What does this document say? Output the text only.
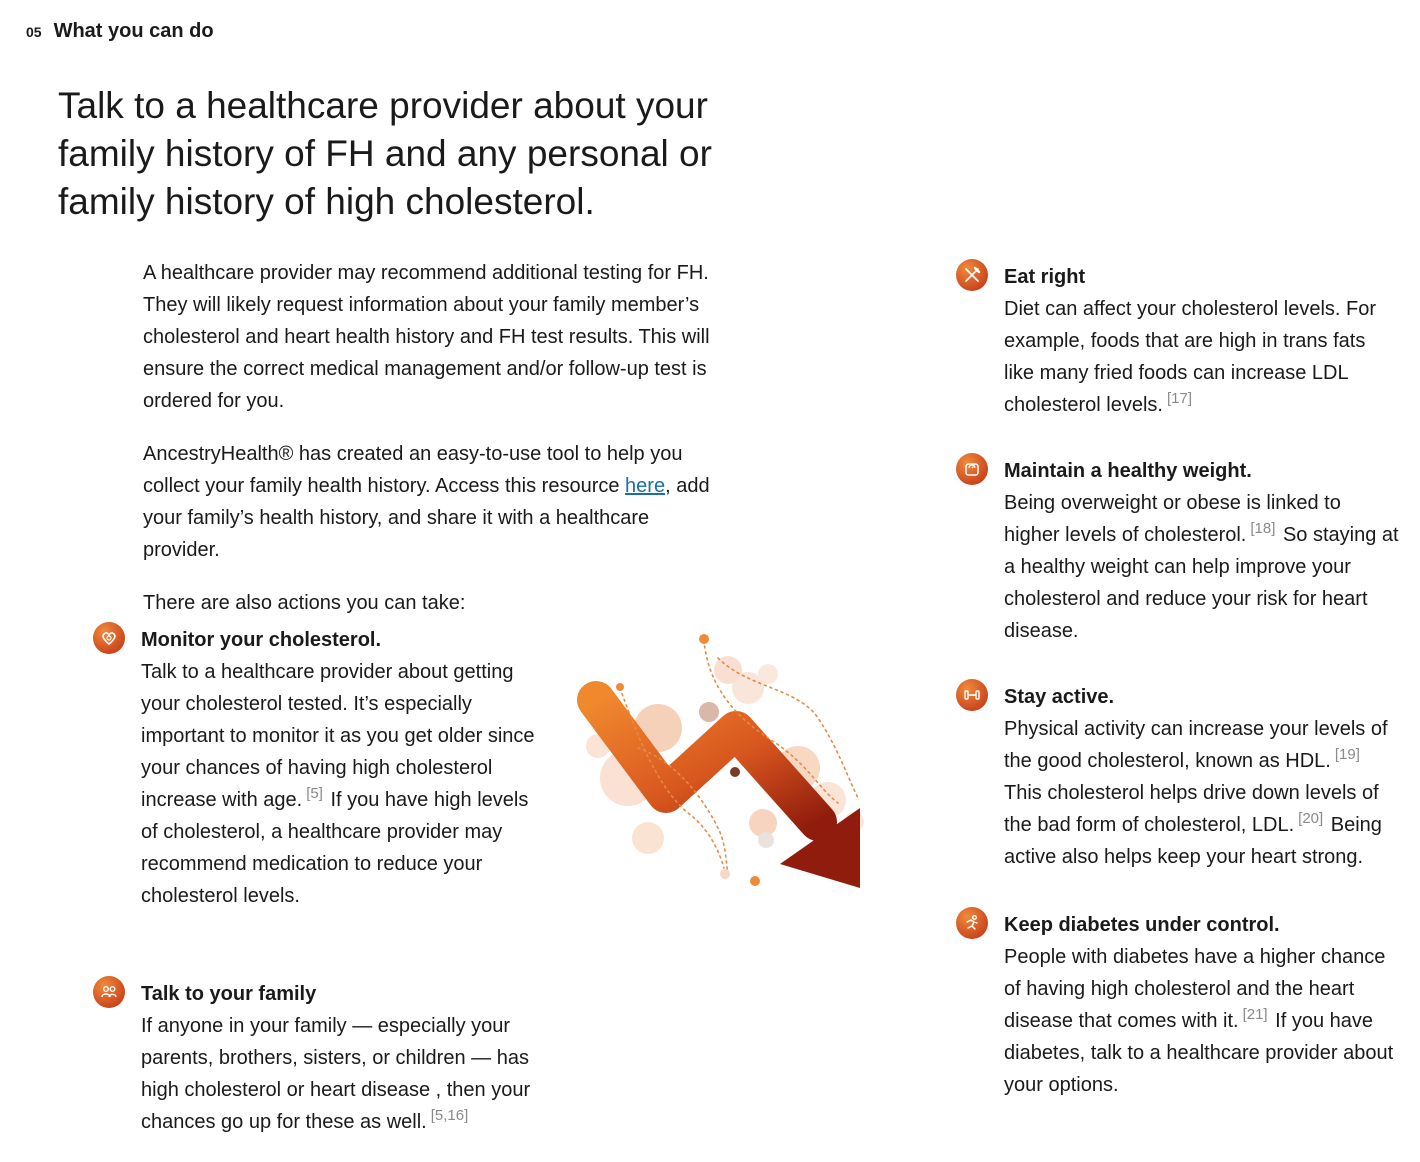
05 What you can do
Talk to a healthcare provider about your family history of FH and any personal or family history of high cholesterol.

A healthcare provider may recommend additional testing for FH. They will likely request information about your family member’s cholesterol and heart health history and FH test results. This will ensure the correct medical management and/or follow-up test is ordered for you.

AncestryHealth® has created an easy-to-use tool to help you collect your family health history. Access this resource here, add your family’s health history, and share it with a healthcare provider.

There are also actions you can take:

Monitor your cholesterol.

Talk to a healthcare provider about getting your cholesterol tested. It’s especially important to monitor it as you get older since your chances of having high cholesterol increase with age. [5] If you have high levels of cholesterol, a healthcare provider may recommend medication to reduce your cholesterol levels.

Talk to your family

If anyone in your family — especially your parents, brothers, sisters, or children — has high cholesterol or heart disease , then your chances go up for these as well. [5,16]

Eat right

Diet can affect your cholesterol levels. For example, foods that are high in trans fats like many fried foods can increase LDL cholesterol levels. [17]

Maintain a healthy weight.

Being overweight or obese is linked to higher levels of cholesterol. [18] So staying at a healthy weight can help improve your cholesterol and reduce your risk for heart disease.

Stay active.

Physical activity can increase your levels of the good cholesterol, known as HDL. [19] This cholesterol helps drive down levels of the bad form of cholesterol, LDL. [20] Being active also helps keep your heart strong.

Keep diabetes under control.

People with diabetes have a higher chance of having high cholesterol and the heart disease that comes with it. [21] If you have diabetes, talk to a healthcare provider about your options.
